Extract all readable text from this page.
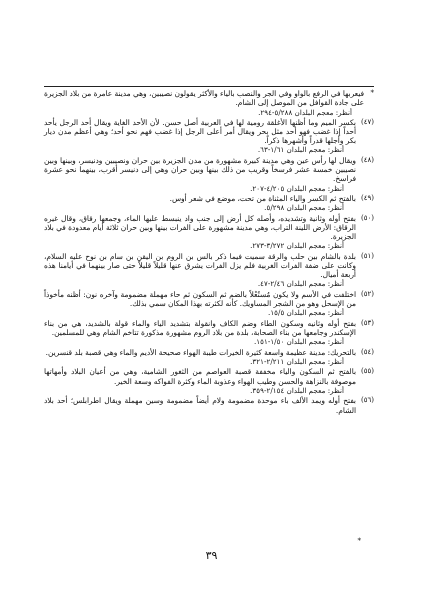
*
فيعربها في الرفع بالواو وفي الجر والنصب بالياء والأكثر يقولون نصيبين، وهي مدينة عامرة من بلاد الجزيرة على جادة القوافل من الموصل إلى الشام.
أنظر: معجم البلدان ٥/٢٨٨-٢٩٤.
(٤٧)
بكسر الميم وما أظنها الأغلقة رومية لها في العربية أصل حسن. لأن الأحد الغاية ويقال أحد الرجل يأحد أحداً إذا غضب فهو أحد مثل بحر ويقال أمر أعلى الرجل إذا غضب فهم نحو أحد؛ وهي أعظم مدن ديار بكر وأجلها قدراً وأشهرها ذكراً.
أنظر: معجم البلدان ١/٦١-٦٣.
(٤٨)
ويقال لها رأس عين وهي مدينة كبيرة مشهورة من مدن الجزيرة بين حران ونصيبين ودنيسر، وبينها وبين نصيبين خمسة عشر فرسخاً وقريب من ذلك بينها وبين حران وهي إلى دنيسر أقرب، بينهما نحو عشرة فراسخ.
أنظر: معجم البلدان ٤/٢٠٥-٢٠٧.
(٤٩)
بالفتح ثم الكسر والياء المثناة من تحت، موضع في شعر أوس.
أنظر: معجم البلدان ٥/٢٩٨.
(٥٠)
بفتح أوله وثانية وتشديده، وأصله كل أرض إلى جنب واد ينبسط عليها الماء، وجمعها رقاق، وقال غيره الرقاق: الأرض اللينة التراب، وهي مدينة مشهورة على الفرات بينها وبين حران ثلاثة أيام معدودة في بلاد الجزيرة.
أنظر: معجم البلدان ٣/٢٧٢-٢٧٣.
(٥١)
بلدة بالشام بين حلب والرقة سميت فيما ذكر بالس بن الروم بن اليقن بن سام بن نوح عليه السلام، وكانت على ضفة الفرات الغربية فلم يزل الفرات يشرق عنها قليلاً قليلاً حتى صار بينهما في أيامنا هذه أربعة أميال.
أنظر: معجم البلدان ٢/٤٦-٤٧.
(٥٢)
اختلفت في الأسم ولا يكون مُستُعْلاً بالضم ثم السكون ثم حاء مهملة مضمومة وآخره نون: أظنه مأخوذاً من الإسحل وهو من الشجر المساويك. كأنه لكثرته بهذا المكان سمي بذلك.
أنظر: معجم البلدان ١٥/٥.
(٥٣)
بفتح أوله وثانيه وسكون الطاء وضم الكاف وانقولة بتشديد الياء والماء قولة بالشديد، هي من بناء الإسكندر وجامعها من بناء الصحابة، بلدة من بلاد الروم مشهورة مذكورة تتاخم الشام وهي للمسلمين.
أنظر: معجم البلدان ١/٥٠-١٥١.
(٥٤)
بالتحريك: مدينة عظيمة واسعة كثيرة الخيرات طيبة الهواء صحيحة الأديم والماء وهي قصبة بلد قنسرين.
أنظر: معجم البلدان ٢/٢١١-٣٢١.
(٥٥)
بالفتح ثم السكون والياء مخففة قصبة العواصم من الثغور الشامية، وهي من أعيان البلاد وأمهاتها موصوفة بالنزاهة والحسن وطيب الهواء وعذوبة الماء وكثرة الفواكه وسعة الخير.
أنظر: معجم البلدان ٢/١٥٤-٣٥٩.
(٥٦)
بفتح أوله ويمد الألف باء موحدة مضمومة ولام أيضاً مضمومة وسين مهملة ويقال اطرابلس؛ أحد بلاد الشام.
*
٣٩
